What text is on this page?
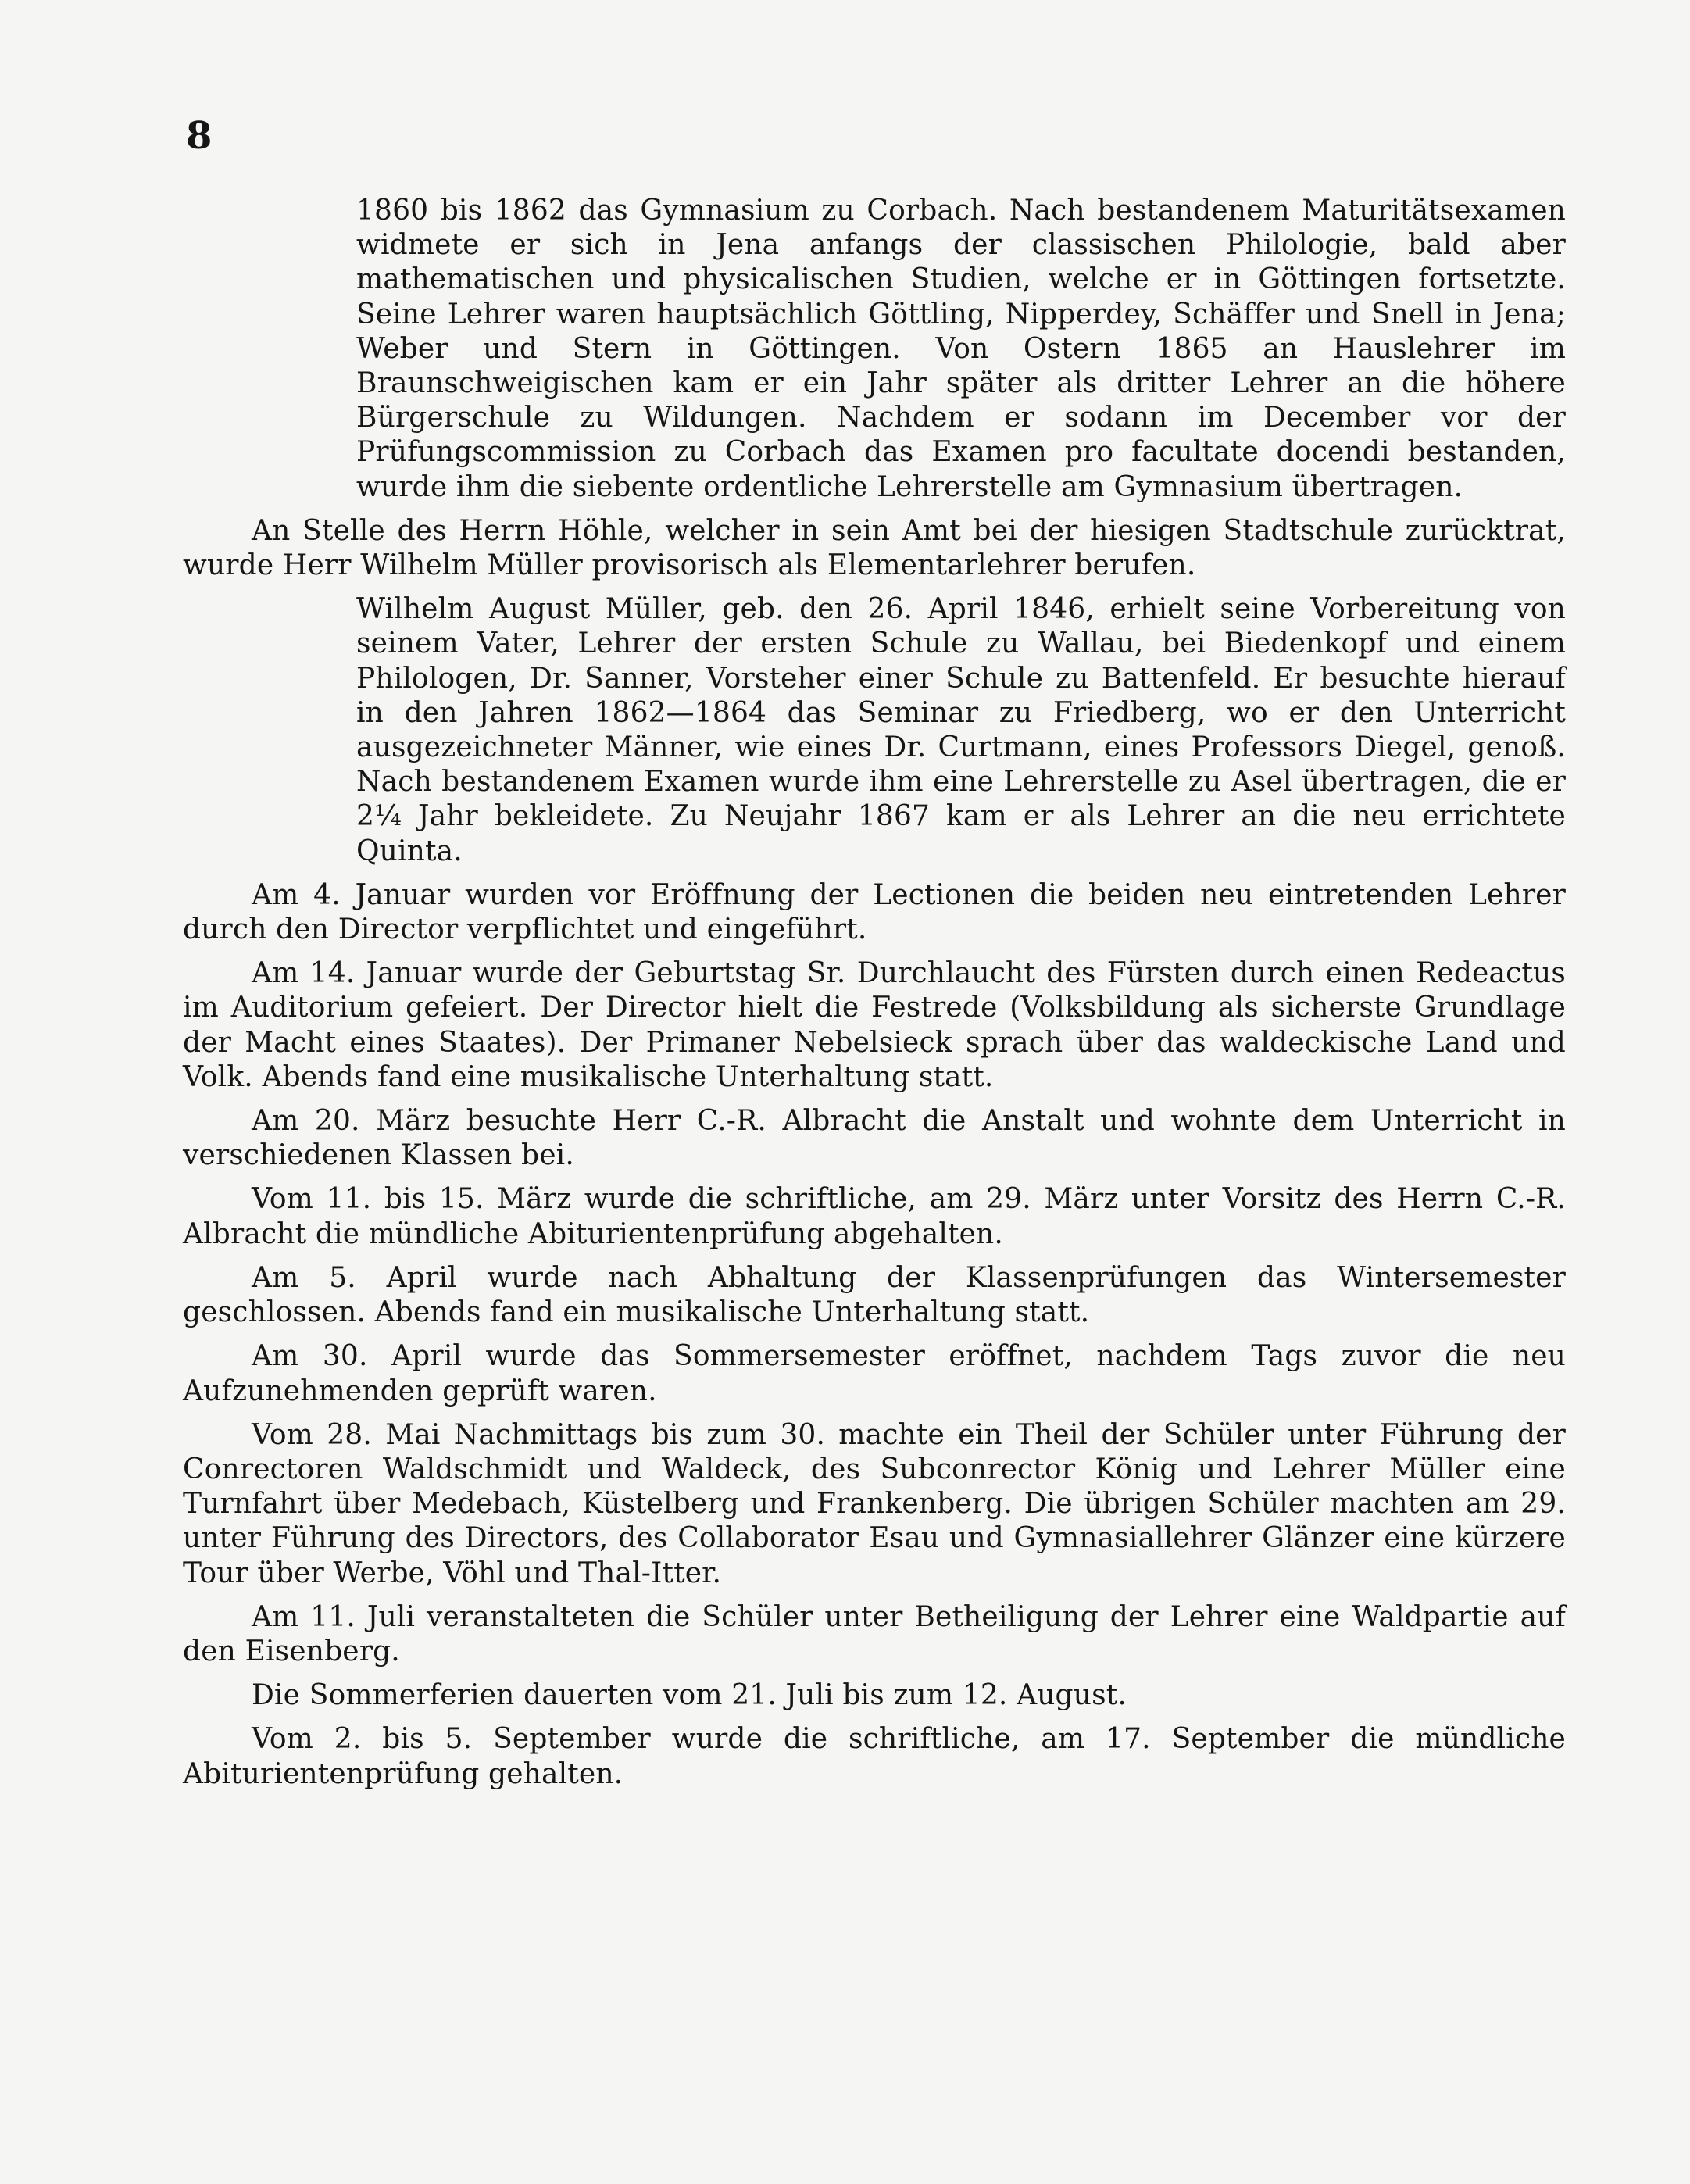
8

1860 bis 1862 das Gymnasium zu Corbach. Nach bestandenem Maturitätsexamen widmete er sich in Jena anfangs der classischen Philologie, bald aber mathematischen und physicalischen Studien, welche er in Göttingen fortsetzte. Seine Lehrer waren hauptsächlich Göttling, Nipperdey, Schäffer und Snell in Jena; Weber und Stern in Göttingen. Von Ostern 1865 an Hauslehrer im Braunschweigischen kam er ein Jahr später als dritter Lehrer an die höhere Bürgerschule zu Wildungen. Nachdem er sodann im December vor der Prüfungscommission zu Corbach das Examen pro facultate docendi bestanden, wurde ihm die siebente ordentliche Lehrerstelle am Gymnasium übertragen.

An Stelle des Herrn Höhle, welcher in sein Amt bei der hiesigen Stadtschule zurücktrat, wurde Herr Wilhelm Müller provisorisch als Elementarlehrer berufen.

Wilhelm August Müller, geb. den 26. April 1846, erhielt seine Vorbereitung von seinem Vater, Lehrer der ersten Schule zu Wallau, bei Biedenkopf und einem Philologen, Dr. Sanner, Vorsteher einer Schule zu Battenfeld. Er besuchte hierauf in den Jahren 1862—1864 das Seminar zu Friedberg, wo er den Unterricht ausgezeichneter Männer, wie eines Dr. Curtmann, eines Professors Diegel, genoß. Nach bestandenem Examen wurde ihm eine Lehrerstelle zu Asel übertragen, die er 2¼ Jahr bekleidete. Zu Neujahr 1867 kam er als Lehrer an die neu errichtete Quinta.

Am 4. Januar wurden vor Eröffnung der Lectionen die beiden neu eintretenden Lehrer durch den Director verpflichtet und eingeführt.

Am 14. Januar wurde der Geburtstag Sr. Durchlaucht des Fürsten durch einen Redeactus im Auditorium gefeiert. Der Director hielt die Festrede (Volksbildung als sicherste Grundlage der Macht eines Staates). Der Primaner Nebelsieck sprach über das waldeckische Land und Volk. Abends fand eine musikalische Unterhaltung statt.

Am 20. März besuchte Herr C.-R. Albracht die Anstalt und wohnte dem Unterricht in verschiedenen Klassen bei.

Vom 11. bis 15. März wurde die schriftliche, am 29. März unter Vorsitz des Herrn C.-R. Albracht die mündliche Abiturientenprüfung abgehalten.

Am 5. April wurde nach Abhaltung der Klassenprüfungen das Wintersemester geschlossen. Abends fand ein musikalische Unterhaltung statt.

Am 30. April wurde das Sommersemester eröffnet, nachdem Tags zuvor die neu Aufzunehmenden geprüft waren.

Vom 28. Mai Nachmittags bis zum 30. machte ein Theil der Schüler unter Führung der Conrectoren Waldschmidt und Waldeck, des Subconrector König und Lehrer Müller eine Turnfahrt über Medebach, Küstelberg und Frankenberg. Die übrigen Schüler machten am 29. unter Führung des Directors, des Collaborator Esau und Gymnasiallehrer Glänzer eine kürzere Tour über Werbe, Vöhl und Thal-Itter.

Am 11. Juli veranstalteten die Schüler unter Betheiligung der Lehrer eine Waldpartie auf den Eisenberg.

Die Sommerferien dauerten vom 21. Juli bis zum 12. August.

Vom 2. bis 5. September wurde die schriftliche, am 17. September die mündliche Abiturientenprüfung gehalten.
